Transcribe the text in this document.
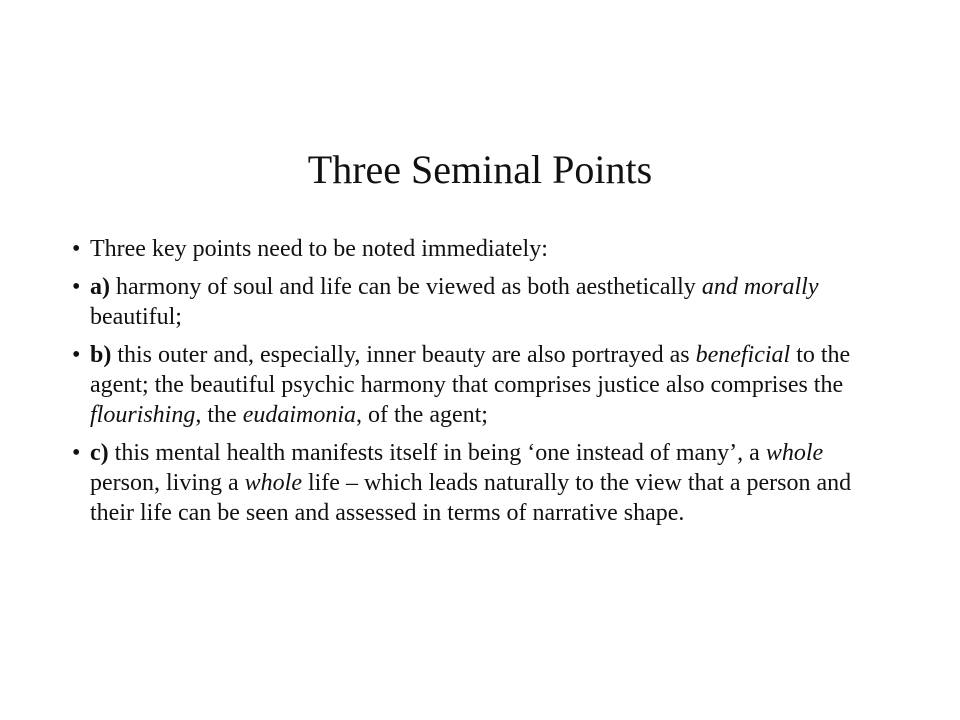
Three Seminal Points
• Three key points need to be noted immediately:
• a) harmony of soul and life can be viewed as both aesthetically and morally beautiful;
• b) this outer and, especially, inner beauty are also portrayed as beneficial to the agent; the beautiful psychic harmony that comprises justice also comprises the flourishing, the eudaimonia, of the agent;
• c) this mental health manifests itself in being ‘one instead of many’, a whole person, living a whole life – which leads naturally to the view that a person and their life can be seen and assessed in terms of narrative shape.
